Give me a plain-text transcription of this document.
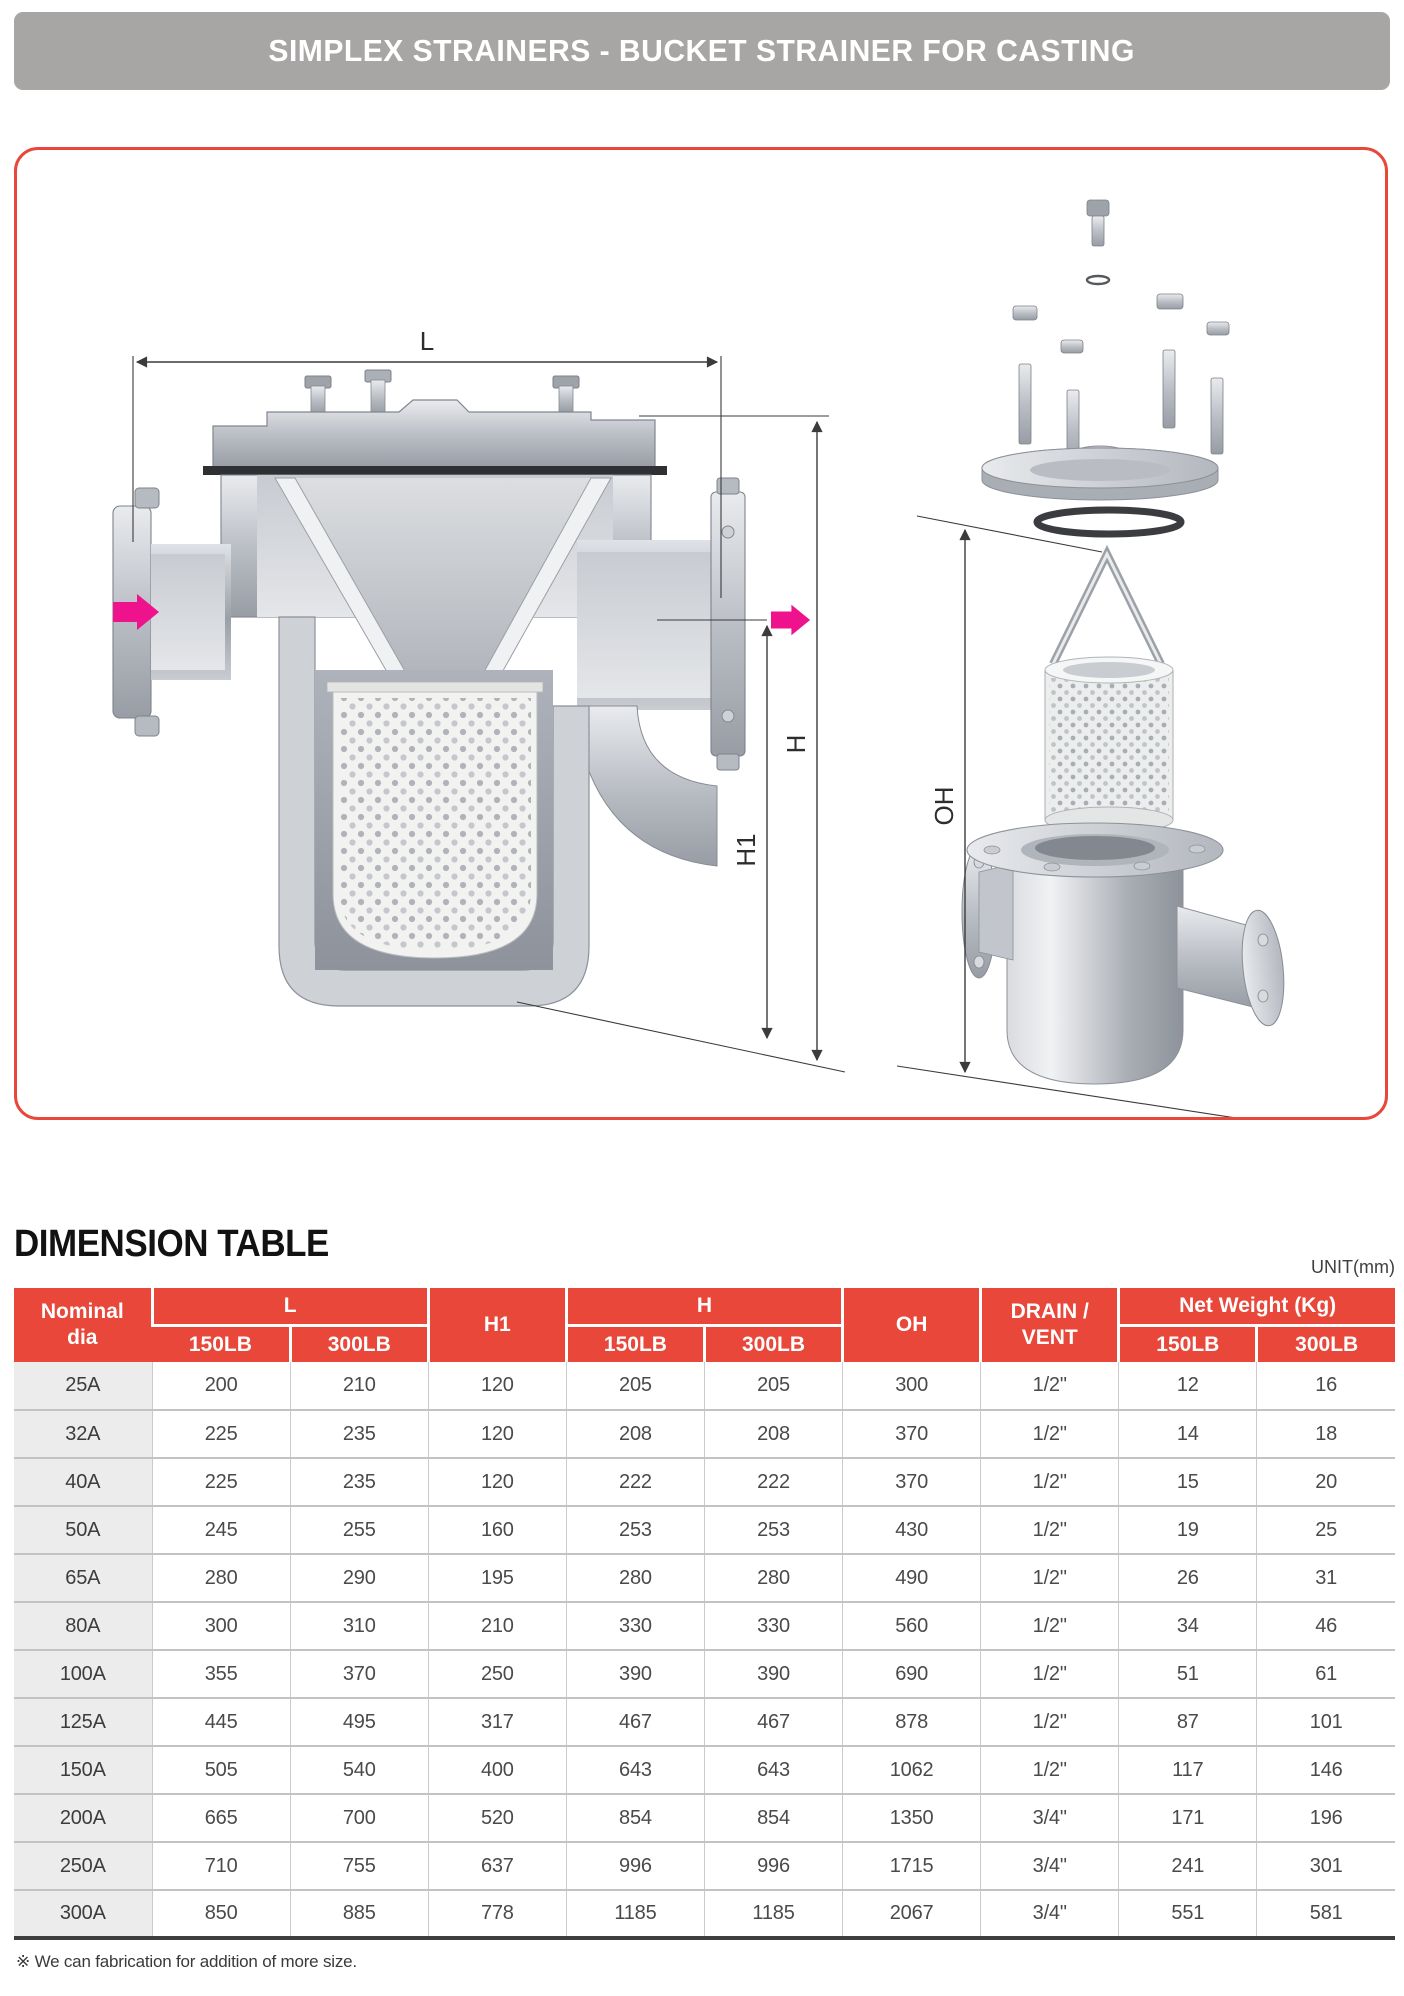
SIMPLEX STRAINERS - BUCKET STRAINER FOR CASTING
L
H
H1
OH
DIMENSION TABLE
UNIT(mm)
Nominal
dia	L		H1	H		OH	DRAIN /
VENT	Net Weight (Kg)	
	150LB	300LB		150LB	300LB			150LB	300LB
25A	200	210	120	205	205	300	1/2"	12	16
32A	225	235	120	208	208	370	1/2"	14	18
40A	225	235	120	222	222	370	1/2"	15	20
50A	245	255	160	253	253	430	1/2"	19	25
65A	280	290	195	280	280	490	1/2"	26	31
80A	300	310	210	330	330	560	1/2"	34	46
100A	355	370	250	390	390	690	1/2"	51	61
125A	445	495	317	467	467	878	1/2"	87	101
150A	505	540	400	643	643	1062	1/2"	117	146
200A	665	700	520	854	854	1350	3/4"	171	196
250A	710	755	637	996	996	1715	3/4"	241	301
300A	850	885	778	1185	1185	2067	3/4"	551	581
※ We can fabrication for addition of more size.
